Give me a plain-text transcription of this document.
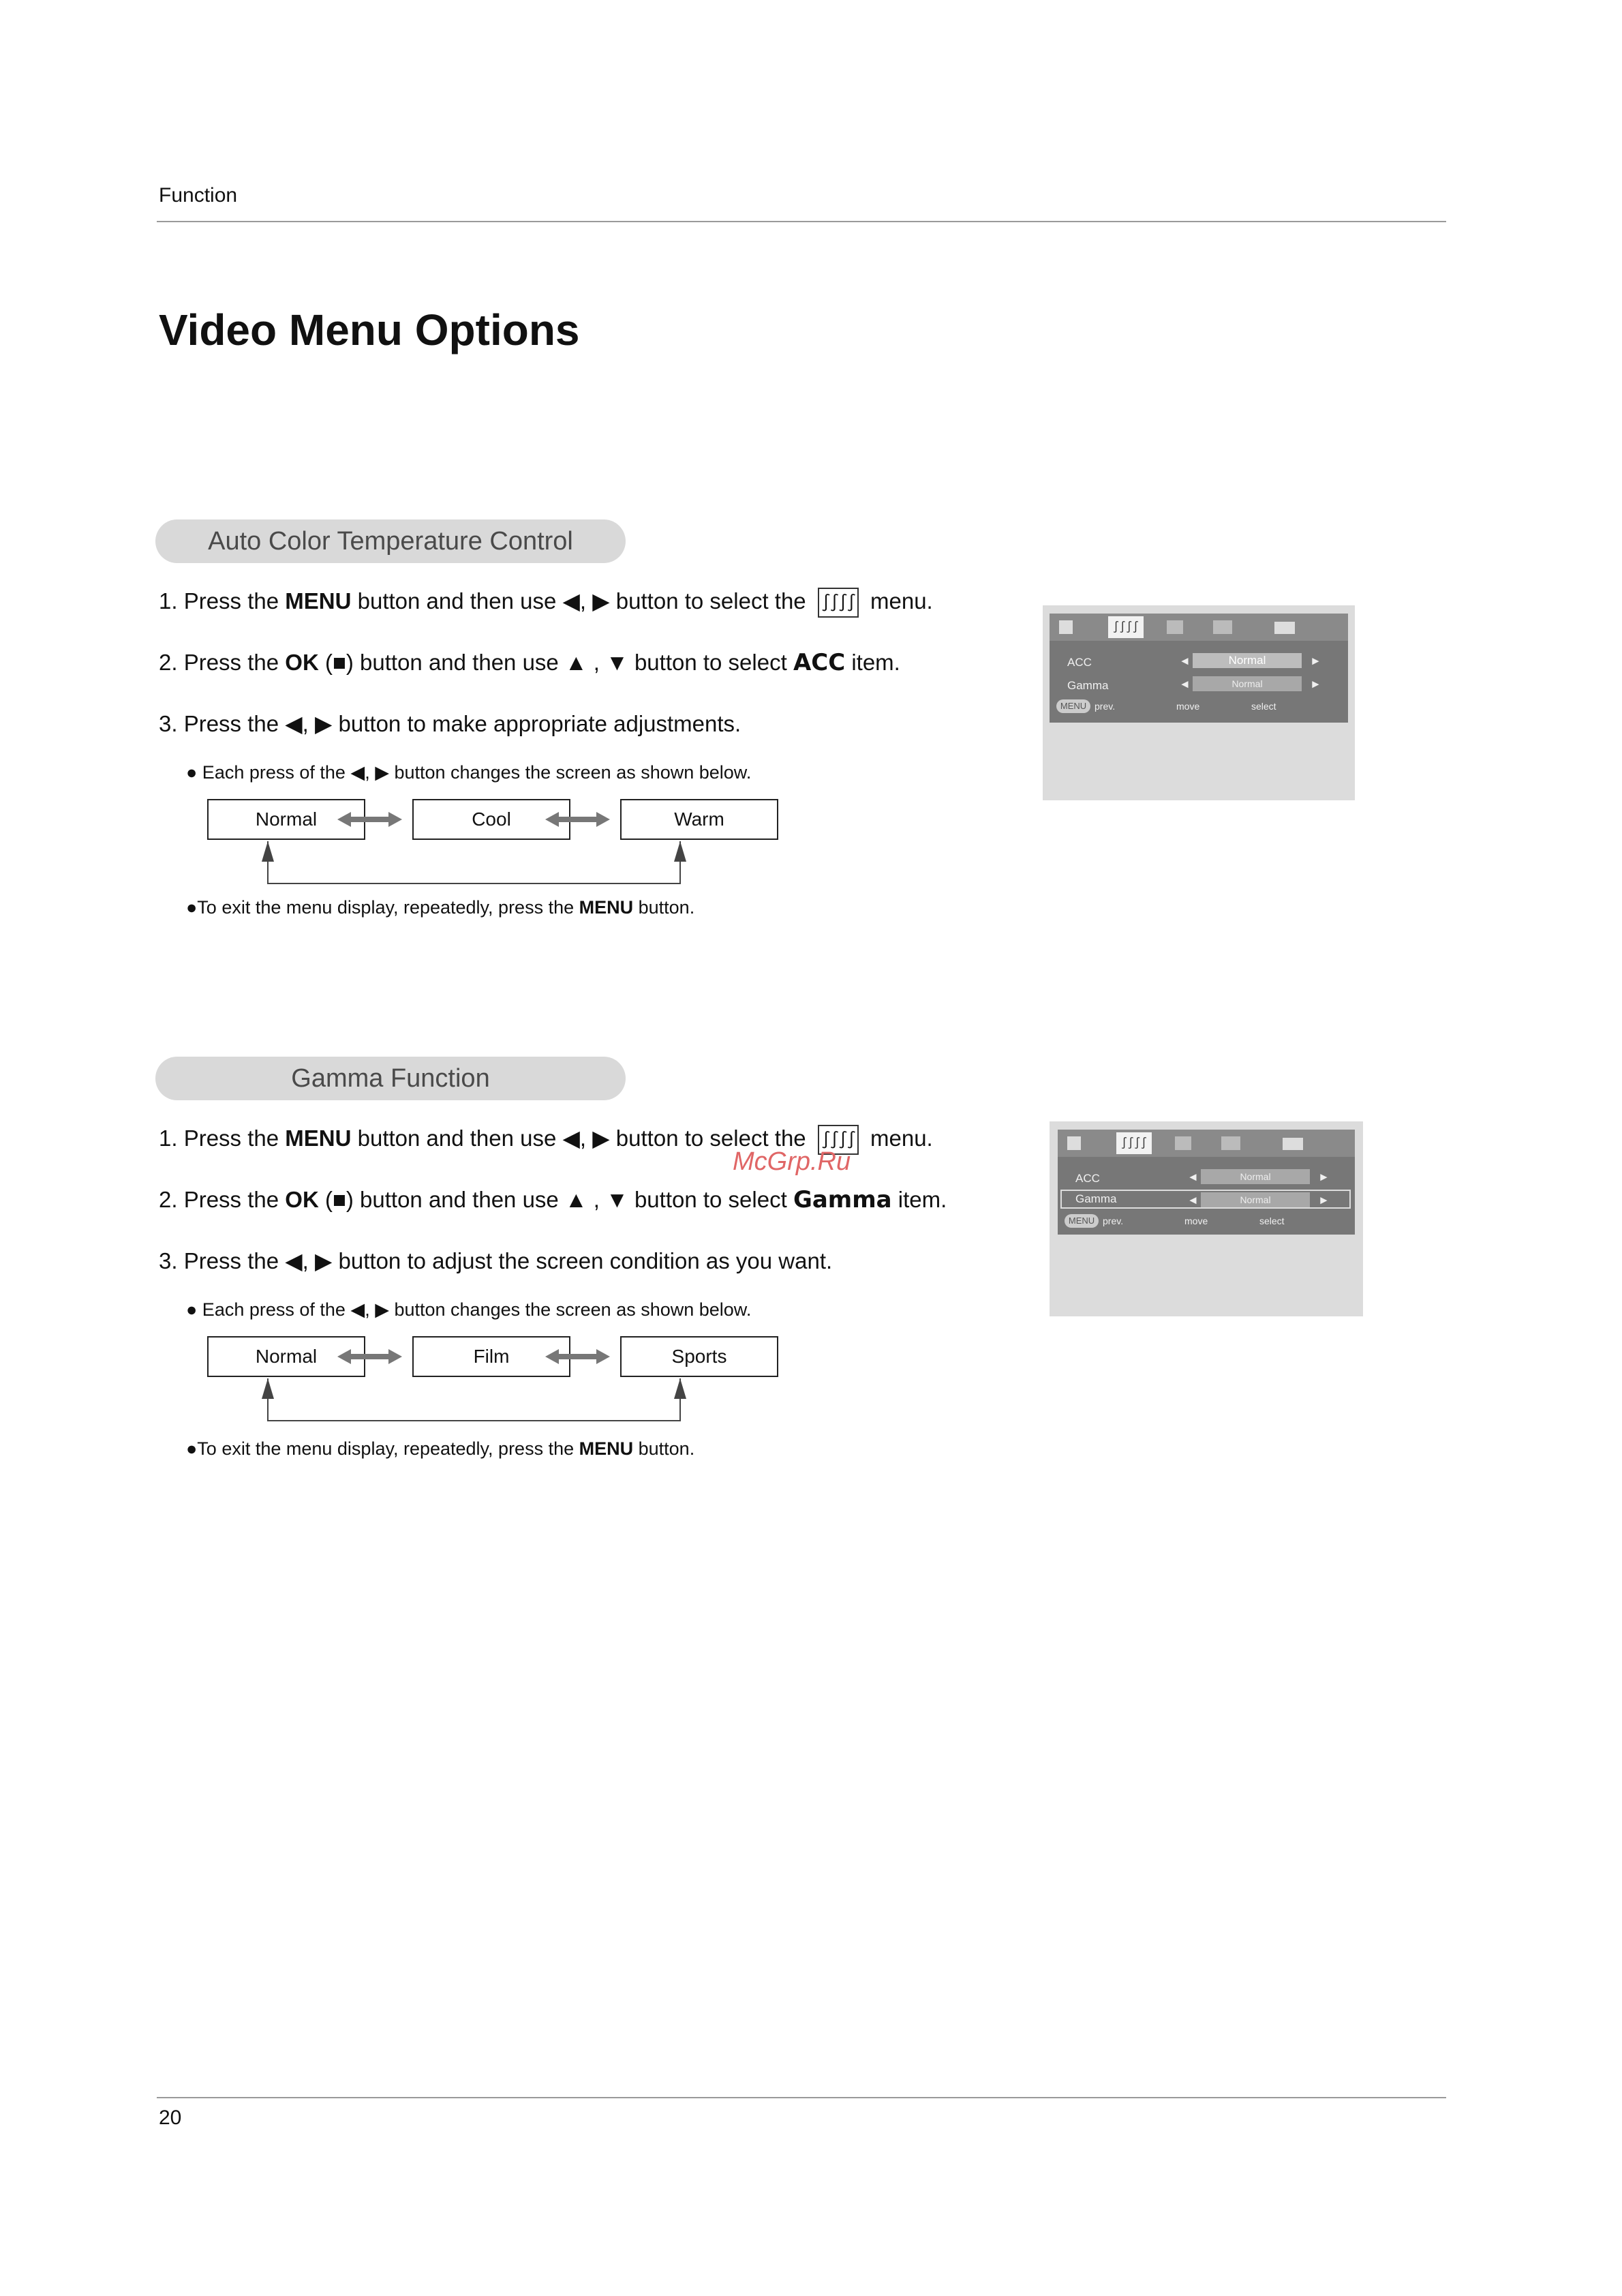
Function
Video Menu Options
Auto Color Temperature Control
1. Press the MENU button and then use ◀, ▶ button to select the ∫∫∫∫ menu.
2. Press the OK (■) button and then use ▲ , ▼ button to select ACC item.
3. Press the ◀, ▶ button to make appropriate adjustments.
● Each press of the ◀, ▶ button changes the screen as shown below.
Normal	Cool	Warm
●To exit the menu display, repeatedly, press the MENU button.
∫∫∫∫
ACC	◄	Normal	►
Gamma	◄	Normal	►
MENU prev.	move	select
Gamma Function
1. Press the MENU button and then use ◀, ▶ button to select the ∫∫∫∫ menu.
2. Press the OK (■) button and then use ▲ , ▼ button to select Gamma item.
3. Press the ◀, ▶ button to adjust the screen condition as you want.
● Each press of the ◀, ▶ button changes the screen as shown below.
Normal	Film	Sports
●To exit the menu display, repeatedly, press the MENU button.
∫∫∫∫
ACC	◄	Normal	►
Gamma	◄	Normal	►
MENU prev.	move	select
McGrp.Ru
20
